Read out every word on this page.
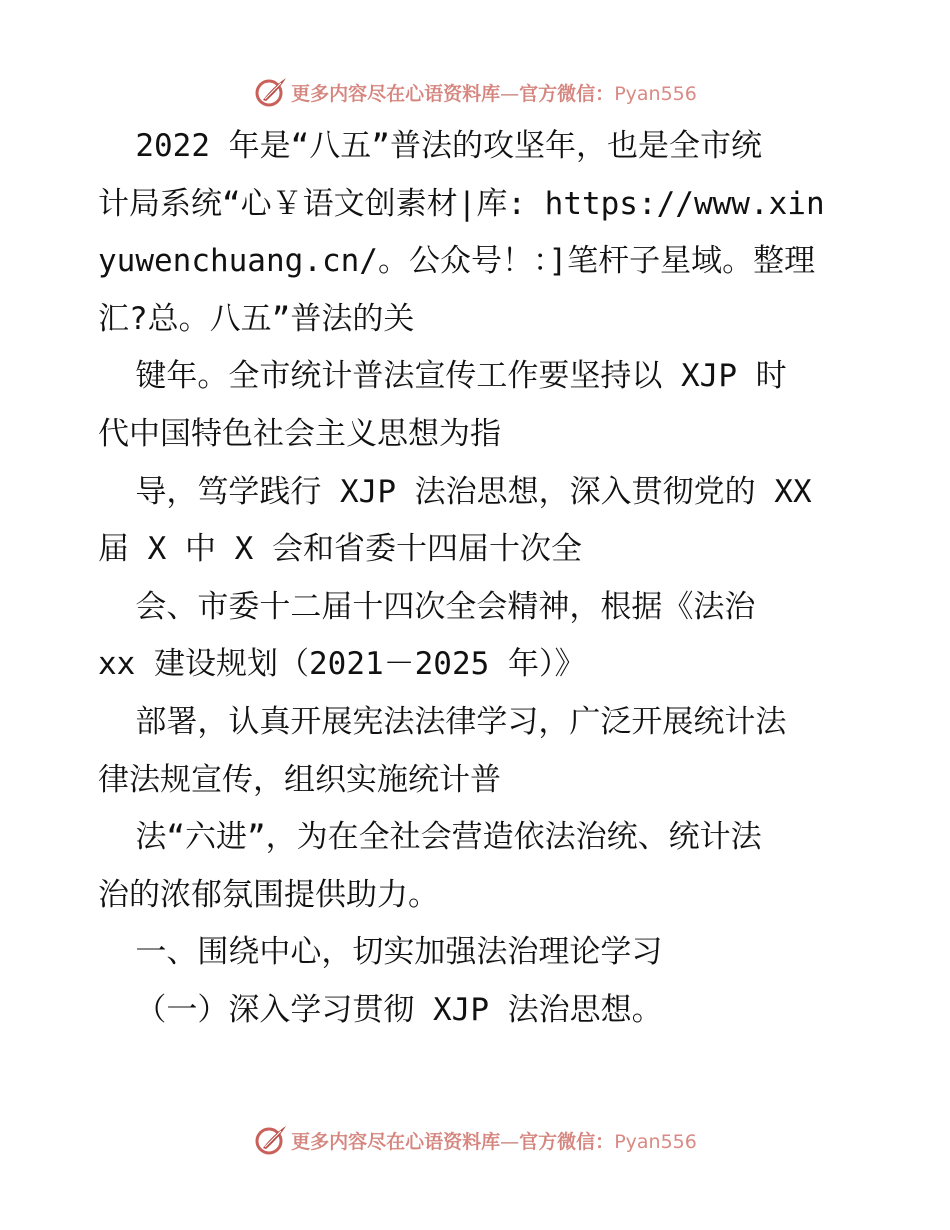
更多内容尽在心语资料库—官方微信：Pyan556
2022 年是“八五”普法的攻坚年，也是全市统
计局系统“心￥语文创素材|库: https://www.xin
yuwenchuang.cn/。公众号！：]笔杆子星域。整理
汇?总。八五”普法的关
键年。全市统计普法宣传工作要坚持以 XJP 时
代中国特色社会主义思想为指
导，笃学践行 XJP 法治思想，深入贯彻党的 XX
届 X 中 X 会和省委十四届十次全
会、市委十二届十四次全会精神，根据《法治
xx 建设规划（2021－2025 年）》
部署，认真开展宪法法律学习，广泛开展统计法
律法规宣传，组织实施统计普
法“六进”，为在全社会营造依法治统、统计法
治的浓郁氛围提供助力。
一、围绕中心，切实加强法治理论学习
（一）深入学习贯彻 XJP 法治思想。
更多内容尽在心语资料库—官方微信：Pyan556
